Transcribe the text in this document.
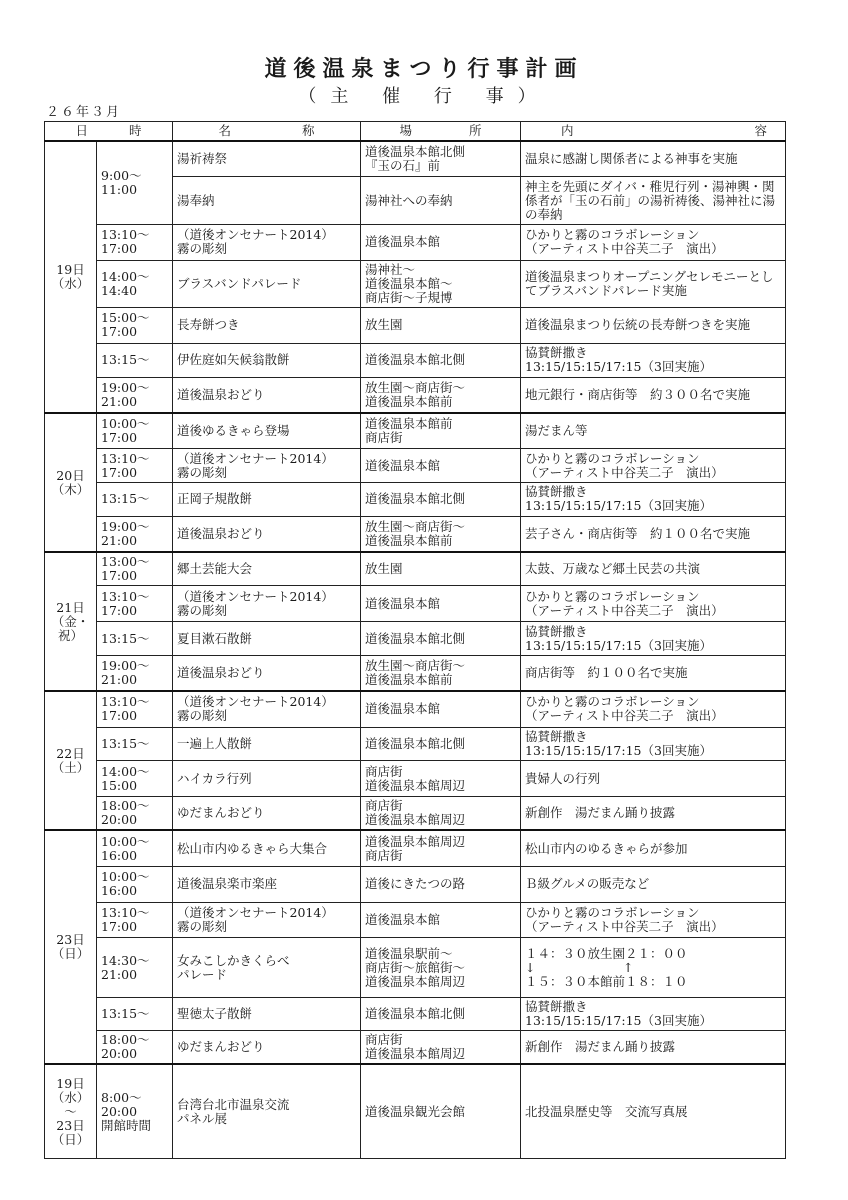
道後温泉まつり行事計画
（主 催 行 事）
２６年３月
日 時		名 称	場 所	内 容

19日
（水）	9:00～
11:00	湯祈祷祭	道後温泉本館北側
『玉の石』前	温泉に感謝し関係者による神事を実施
		湯奉納	湯神社への奉納	神主を先頭にダイバ・稚児行列・湯神輿・関係者が「玉の石前」の湯祈祷後、湯神社に湯の奉納
	13:10～
17:00	（道後オンセナート2014）
霧の彫刻	道後温泉本館	ひかりと霧のコラボレーション
（アーティスト中谷芙二子　演出）
	14:00～
14:40	ブラスバンドパレード	湯神社～
道後温泉本館～
商店街～子規博	道後温泉まつりオープニングセレモニーとしてブラスバンドパレード実施
	15:00～
17:00	長寿餅つき	放生園	道後温泉まつり伝統の長寿餅つきを実施
	13:15～	伊佐庭如矢候翁散餅	道後温泉本館北側	協賛餅撒き
13:15/15:15/17:15（3回実施）
	19:00～
21:00	道後温泉おどり	放生園～商店街～
道後温泉本館前	地元銀行・商店街等　約３００名で実施
20日
（木）	10:00～
17:00	道後ゆるきゃら登場	道後温泉本館前
商店街	湯だまん等
	13:10～
17:00	（道後オンセナート2014）
霧の彫刻	道後温泉本館	ひかりと霧のコラボレーション
（アーティスト中谷芙二子　演出）
	13:15～	正岡子規散餅	道後温泉本館北側	協賛餅撒き
13:15/15:15/17:15（3回実施）
	19:00～
21:00	道後温泉おどり	放生園～商店街～
道後温泉本館前	芸子さん・商店街等　約１００名で実施
21日
（金・祝）	13:00～
17:00	郷土芸能大会	放生園	太鼓、万歳など郷土民芸の共演
	13:10～
17:00	（道後オンセナート2014）
霧の彫刻	道後温泉本館	ひかりと霧のコラボレーション
（アーティスト中谷芙二子　演出）
	13:15～	夏目漱石散餅	道後温泉本館北側	協賛餅撒き
13:15/15:15/17:15（3回実施）
	19:00～
21:00	道後温泉おどり	放生園～商店街～
道後温泉本館前	商店街等　約１００名で実施
22日
（土）	13:10～
17:00	（道後オンセナート2014）
霧の彫刻	道後温泉本館	ひかりと霧のコラボレーション
（アーティスト中谷芙二子　演出）
	13:15～	一遍上人散餅	道後温泉本館北側	協賛餅撒き
13:15/15:15/17:15（3回実施）
	14:00～
15:00	ハイカラ行列	商店街
道後温泉本館周辺	貴婦人の行列
	18:00～
20:00	ゆだまんおどり	商店街
道後温泉本館周辺	新創作　湯だまん踊り披露
23日
（日）	10:00～
16:00	松山市内ゆるきゃら大集合	道後温泉本館周辺
商店街	松山市内のゆるきゃらが参加
	10:00～
16:00	道後温泉楽市楽座	道後にきたつの路	Ｂ級グルメの販売など
	13:10～
17:00	（道後オンセナート2014）
霧の彫刻	道後温泉本館	ひかりと霧のコラボレーション
（アーティスト中谷芙二子　演出）
	14:30～
21:00	女みこしかきくらべ
パレード	道後温泉駅前～
商店街～旅館街～
道後温泉本館周辺	１４：３０放生園２１：００
↓　　　　　　　↑
１５：３０本館前１８：１０
	13:15～	聖徳太子散餅	道後温泉本館北側	協賛餅撒き
13:15/15:15/17:15（3回実施）
	18:00～
20:00	ゆだまんおどり	商店街
道後温泉本館周辺	新創作　湯だまん踊り披露
19日
（水）
～
23日
（日）	8:00～
20:00
開館時間	台湾台北市温泉交流
パネル展	道後温泉観光会館	北投温泉歴史等　交流写真展
